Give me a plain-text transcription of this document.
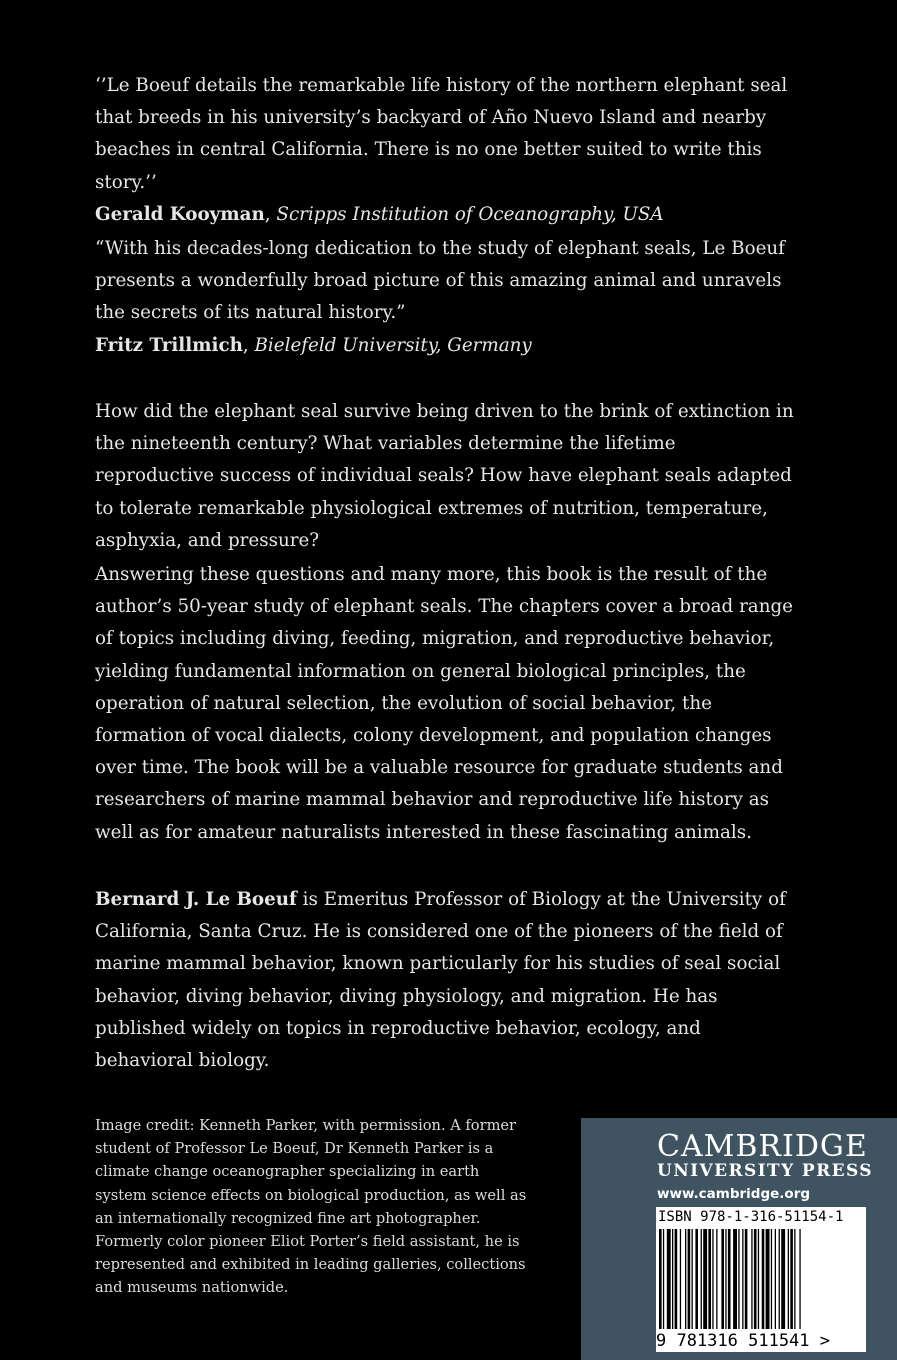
‘’Le Boeuf details the remarkable life history of the northern elephant seal that breeds in his university’s backyard of Año Nuevo Island and nearby beaches in central California. There is no one better suited to write this story.’’

Gerald Kooyman, Scripps Institution of Oceanography, USA

“With his decades-long dedication to the study of elephant seals, Le Boeuf presents a wonderfully broad picture of this amazing animal and unravels the secrets of its natural history.”

Fritz Trillmich, Bielefeld University, Germany

How did the elephant seal survive being driven to the brink of extinction in the nineteenth century? What variables determine the lifetime reproductive success of individual seals? How have elephant seals adapted to tolerate remarkable physiological extremes of nutrition, temperature, asphyxia, and pressure?

Answering these questions and many more, this book is the result of the author’s 50-year study of elephant seals. The chapters cover a broad range of topics including diving, feeding, migration, and reproductive behavior, yielding fundamental information on general biological principles, the operation of natural selection, the evolution of social behavior, the formation of vocal dialects, colony development, and population changes over time. The book will be a valuable resource for graduate students and researchers of marine mammal behavior and reproductive life history as well as for amateur naturalists interested in these fascinating animals.

Bernard J. Le Boeuf is Emeritus Professor of Biology at the University of California, Santa Cruz. He is considered one of the pioneers of the field of marine mammal behavior, known particularly for his studies of seal social behavior, diving behavior, diving physiology, and migration. He has published widely on topics in reproductive behavior, ecology, and behavioral biology.

Image credit: Kenneth Parker, with permission. A former student of Professor Le Boeuf, Dr Kenneth Parker is a climate change oceanographer specializing in earth system science effects on biological production, as well as an internationally recognized fine art photographer. Formerly color pioneer Eliot Porter’s field assistant, he is represented and exhibited in leading galleries, collections and museums nationwide.

CAMBRIDGE
UNIVERSITY PRESS
www.cambridge.org
ISBN 978-1-316-51154-1
9 781316 511541 >
